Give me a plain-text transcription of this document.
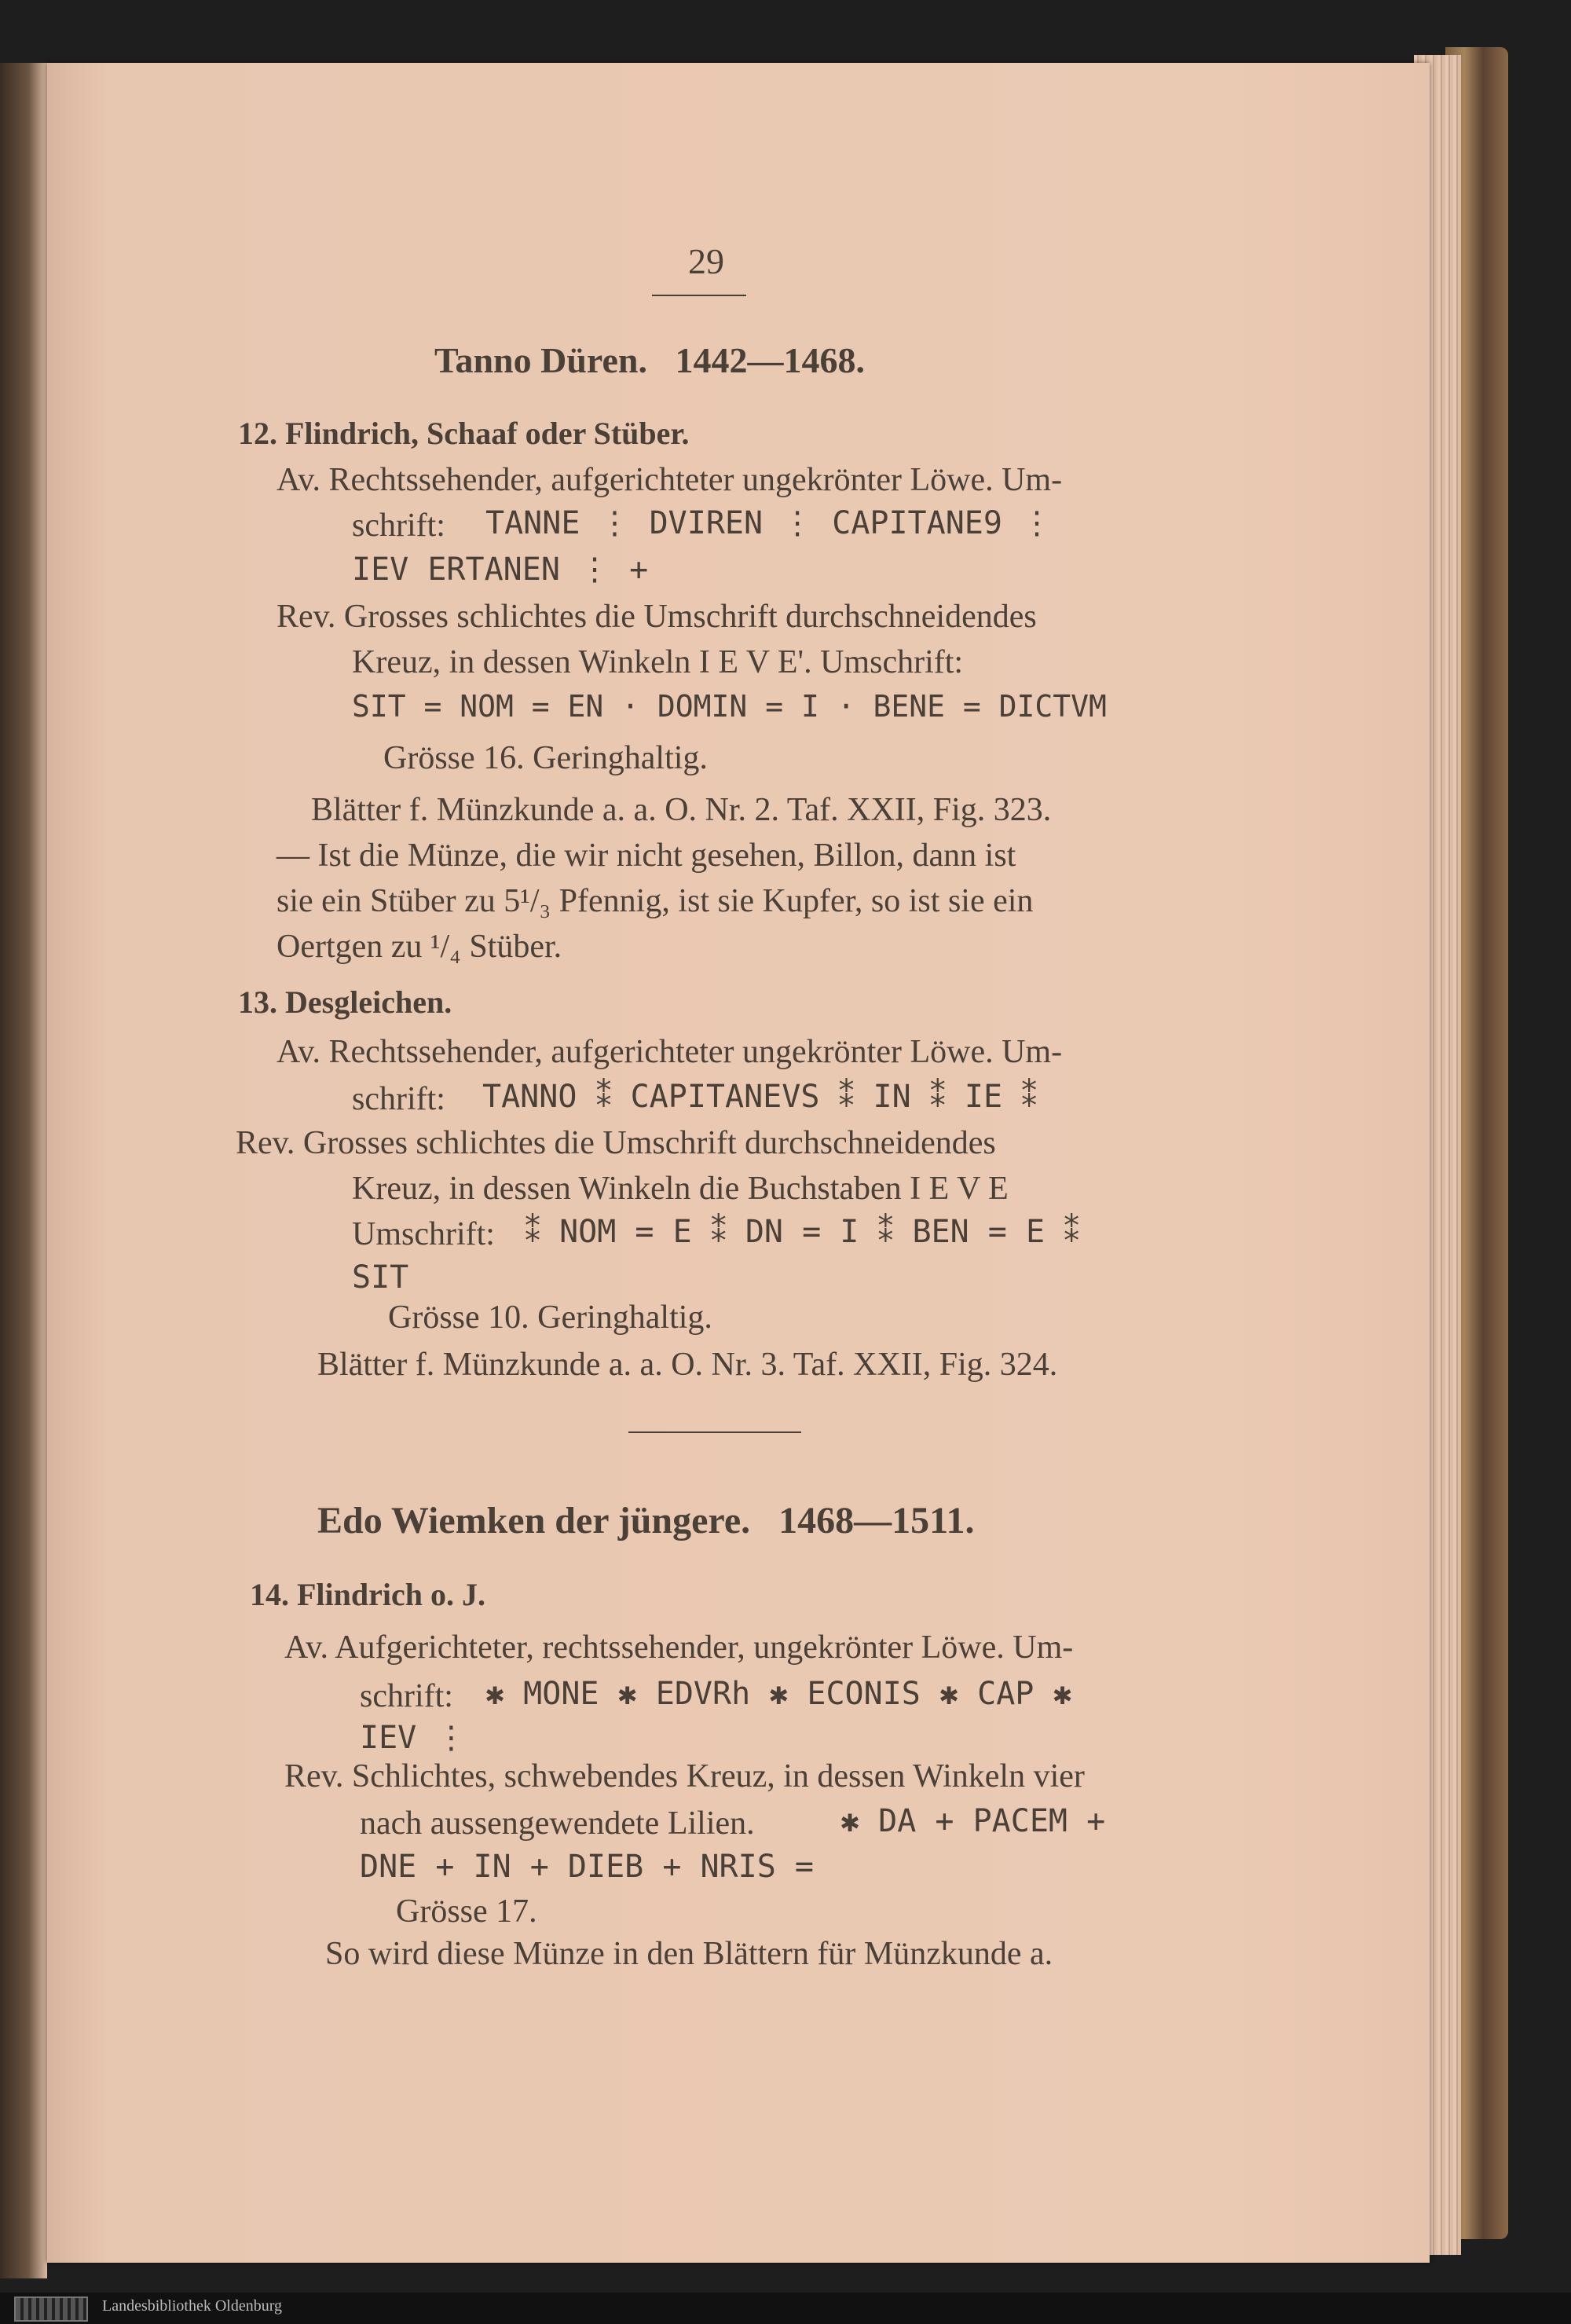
29
Tanno Düren. 1442—1468.
12. Flindrich, Schaaf oder Stüber.
Av. Rechtssehender, aufgerichteter ungekrönter Löwe. Um-
schrift: TANNE ⋮ DVIREN ⋮ CAPITANE9 ⋮
IEV ERTANEN ⋮ +
Rev. Grosses schlichtes die Umschrift durchschneidendes
Kreuz, in dessen Winkeln I E V E'. Umschrift:
SIT = NOM = EN · DOMIN = I · BENE = DICTVM
Grösse 16. Geringhaltig.
Blätter f. Münzkunde a. a. O. Nr. 2. Taf. XXII, Fig. 323.
— Ist die Münze, die wir nicht gesehen, Billon, dann ist
sie ein Stüber zu 5¹/₃ Pfennig, ist sie Kupfer, so ist sie ein
Oertgen zu ¹/₄ Stüber.
13. Desgleichen.
Av. Rechtssehender, aufgerichteter ungekrönter Löwe. Um-
schrift: TANNO ⁑ CAPITANEVS ⁑ IN ⁑ IE ⁑
Rev. Grosses schlichtes die Umschrift durchschneidendes
Kreuz, in dessen Winkeln die Buchstaben I E V E
Umschrift: ⁑ NOM = E ⁑ DN = I ⁑ BEN = E ⁑
SIT
Grösse 10. Geringhaltig.
Blätter f. Münzkunde a. a. O. Nr. 3. Taf. XXII, Fig. 324.
Edo Wiemken der jüngere. 1468—1511.
14. Flindrich o. J.
Av. Aufgerichteter, rechtssehender, ungekrönter Löwe. Um-
schrift: ✱ MONE ✱ EDVRh ✱ ECONIS ✱ CAP ✱
IEV ⋮
Rev. Schlichtes, schwebendes Kreuz, in dessen Winkeln vier
nach aussengewendete Lilien.	✱ DA + PACEM +
DNE + IN + DIEB + NRIS =
Grösse 17.
So wird diese Münze in den Blättern für Münzkunde a.
Landesbibliothek Oldenburg
